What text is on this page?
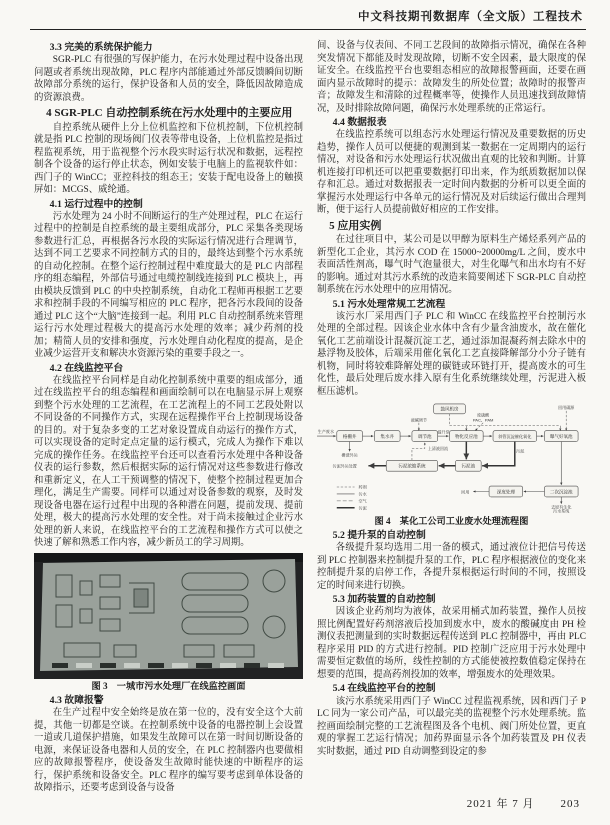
中文科技期刊数据库（全文版）工程技术
3.3 完美的系统保护能力

SGR-PLC 有很强的写保护能力，在污水处理过程中设备出现问题或者系统出现故障，PLC 程序内部能通过外部反馈瞬间切断故障部分系统的运行，保护设备和人员的安全，降低因故障造成的资源浪费。

4 SGR-PLC 自动控制系统在污水处理中的主要应用

自控系统从硬件上分上位机监控和下位机控制，下位机控制就是指 PLC 控制的现场阀门仪表等带电设备，上位机监控是指过程监视系统，用于监视整个污水段实时运行状况和数据，远程控制各个设备的运行停止状态，例如安装于电脑上的监视软件如：西门子的 WinCC；亚控科技的组态王；安装于配电设备上的触摸屏如：MCGS、威纶通。

4.1 运行过程中的控制

污水处理为 24 小时不间断运行的生产处理过程，PLC 在运行过程中的控制是自控系统的最主要组成部分，PLC 采集各类现场参数进行汇总，再根据各污水段的实际运行情况进行合理调节，达到不同工艺要求不同控制方式的目的，最终达到整个污水系统的自动化控制。在整个运行控制过程中难度最大的是 PLC 内部程序的组态编程，外部信号通过电缆控制线连接到 PLC 模块上，再由模块反馈到 PLC 的中央控制系统，自动化工程师再根据工艺要求和控制手段的不同编写相应的 PLC 程序，把各污水段间的设备通过 PLC 这个“大脑”连接到一起。利用 PLC 自动控制系统来管理运行污水处理过程极大的提高污水处理的效率；减少药剂的投加；精简人员的安排和强度，污水处理自动化程度的提高，是企业减少运营开支和解决水资源污染的重要手段之一。

4.2 在线监控平台

在线监控平台同样是自动化控制系统中重要的组成部分，通过在线监控平台的组态编程和画面绘制可以在电脑显示屏上观察到整个污水处理的工艺流程，在工艺流程上的不同工艺段处附以不同设备的不同操作方式，实现在远程操作平台上控制现场设备的目的。对于复杂多变的工艺对象设置成自动运行的操作方式，可以实现设备的定时定点定量的运行模式，完成人为操作下难以完成的操作任务。在线监控平台还可以查看污水处理中各种设备仪表的运行参数，然后根据实际的运行情况对这些参数进行修改和重新定义，在人工干预调整的情况下，使整个控制过程更加合理化，满足生产需要。同样可以通过对设备参数的观察，及时发现设备电器在运行过程中出现的各种潜在问题，提前发现、提前处理，极大的提高污水处理的安全性。对于尚未接触过企业污水处理的新人来说，在线监控平台的工艺流程和操作方式可以使之快速了解和熟悉工作内容，减少新员工的学习周期。

图 3　一城市污水处理厂在线监控画面
4.3 故障报警

在生产过程中安全始终是放在第一位的，没有安全这个大前提，其他一切都是空谈。在控制系统中设备的电器控制上会设置一道或几道保护措施，如果发生故障可以在第一时间切断设备的电源，来保证设备电器和人员的安全，在 PLC 控制器内也要做相应的故障报警程序，使设备发生故障时能快速的中断程序的运行，保护系统和设备安全。PLC 程序的编写要考虑到单体设备的故障指示，还要考虑到设备与设备

间、设备与仪表间、不同工艺段间的故障指示情况，确保在各种突发情况下都能及时发现故障，切断不安全因素，最大限度的保证安全。在线监控平台也要组态相应的故障报警画面，还要在画面内显示故障时的提示：故障发生的所处位置；故障时的报警声音；故障发生和清除的过程概率等，使操作人员迅速找到故障情况，及时排除故障问题，确保污水处理系统的正常运行。

4.4 数据报表

在线监控系统可以组态污水处理运行情况及重要数据的历史趋势，操作人员可以便捷的观测到某一数据在一定周期内的运行情况，对设备和污水处理运行状况做出直观的比较和判断。计算机连接打印机还可以把重要数据打印出来，作为纸质数据加以保存和汇总。通过对数据报表一定时间内数据的分析可以更全面的掌握污水处理运行中各单元的运行情况及对后续运行做出合理判断，便于运行人员提前做好相应的工作安排。

5 应用实例

在过往项目中，某公司是以甲醇为原料生产烯烃系列产品的新型化工企业，其污水 COD 在 15000~20000mg/L 之间，废水中表面活性剂高，曝气时气泡量很大，对生化曝气和出水均有不好的影响。通过对其污水系统的改造来简要阐述下 SGR-PLC 自动控制系统在污水处理中的应用情况。

5.1 污水处理常规工艺流程

该污水厂采用西门子 PLC 和 WinCC 在线监控平台控制污水处理的全部过程。因该企业水体中含有少量含油废水，故在催化氧化工艺前端设计混凝沉淀工艺，通过添加混凝药剂去除水中的悬浮物及胶体，后端采用催化氧化工艺直接降解部分小分子链有机物，同时将较难降解处理的碳链或环链打开，提高废水的可生化性，最后处理后废水排入原有生化系统继续处理，污泥进入板框压滤机。

鼓风机房
液碱调节
废硫酸
PAC、PAM
回用碳源
生产废水
格栅井	集水井	调节池
提升泵
物化反应池	斜管沉淀催化氧化	曝气好氧池
栅渣外运
污泥
污泥池
污泥浓缩系统
污泥外运处置
上清液回流
二次沉淀池
深度处理
回用
去原有生化
污水系统
药剂
污水
空气
污泥
图 4　某化工公司工业废水处理流程图
5.2 提升泵的自动控制

各级提升泵均选用二用一备的模式，通过液位计把信号传送到 PLC 控制器来控制提升泵的工作，PLC 程序根据液位的变化来控制提升泵的启停工作，各提升泵根据运行时间的不同，按照设定的时间来进行切换。

5.3 加药装置的自动控制

因该企业药剂均为液体，故采用桶式加药装置，操作人员按照比例配置好药剂溶液后投加到废水中，废水的酸碱度由 PH 检测仪表把测量到的实时数据远程传送到 PLC 控制器中，再由 PLC 程序采用 PID 的方式进行控制。PID 控制广泛应用于污水处理中需要恒定数值的场所，线性控制的方式能使被控数值稳定保持在想要的范围，提高药剂投加的效率，增强废水的处理效果。

5.4 在线监控平台的控制

该污水系统采用西门子 WinCC 过程监视系统，因和西门子 PLC 同为一家公司产品，可以最完美的监视整个污水处理系统。监控画面绘制完整的工艺流程图及各个电机、阀门所处位置，更直观的掌握工艺运行情况；加药界面显示各个加药装置及 PH 仪表实时数据，通过 PID 自动调整到设定的参

2021 年 7 月 203
